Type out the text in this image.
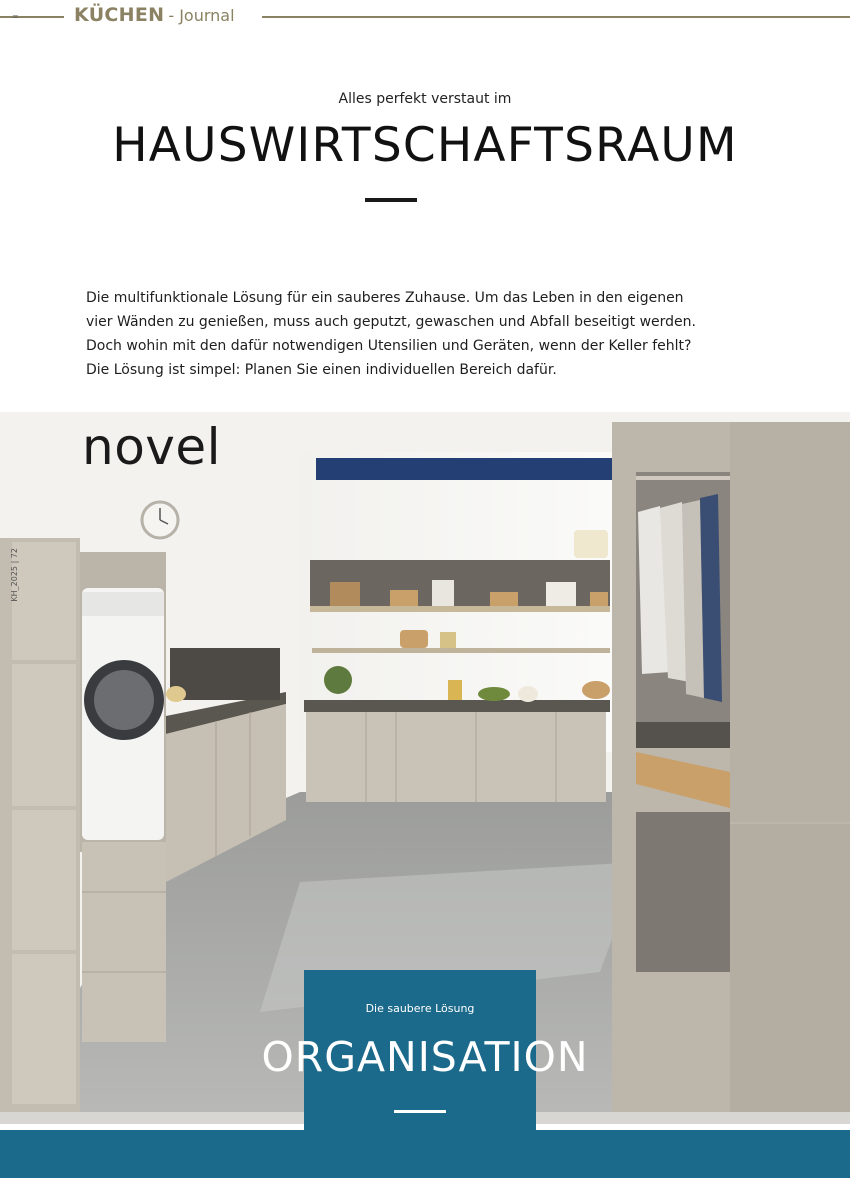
=	KÜCHEN - Journal
Alles perfekt verstaut im
HAUSWIRTSCHAFTSRAUM
Die multifunktionale Lösung für ein sauberes Zuhause. Um das Leben in den eigenen
vier Wänden zu genießen, muss auch geputzt, gewaschen und Abfall beseitigt werden.
Doch wohin mit den dafür notwendigen Utensilien und Geräten, wenn der Keller fehlt?
Die Lösung ist simpel: Planen Sie einen individuellen Bereich dafür.
novel
KH_2025 | 72
Die saubere Lösung
ORGANISATION
